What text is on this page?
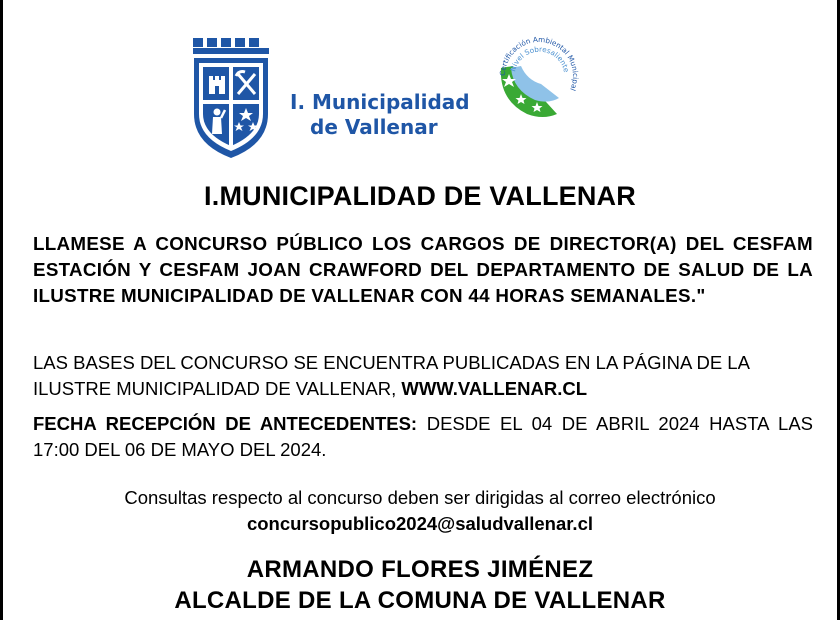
I. Municipalidad
de Vallenar
Certificación Ambiental Municipal
Nivel Sobresaliente
I.MUNICIPALIDAD DE VALLENAR

LLAMESE A CONCURSO PÚBLICO LOS CARGOS DE DIRECTOR(A) DEL CESFAM ESTACIÓN Y CESFAM JOAN CRAWFORD DEL DEPARTAMENTO DE SALUD DE LA ILUSTRE MUNICIPALIDAD DE VALLENAR CON 44 HORAS SEMANALES."

LAS BASES DEL CONCURSO SE ENCUENTRA PUBLICADAS EN LA PÁGINA DE LA ILUSTRE MUNICIPALIDAD DE VALLENAR, WWW.VALLENAR.CL

FECHA RECEPCIÓN DE ANTECEDENTES: DESDE EL 04 DE ABRIL 2024 HASTA LAS 17:00 DEL 06 DE MAYO DEL 2024.

Consultas respecto al concurso deben ser dirigidas al correo electrónico
concursopublico2024@saludvallenar.cl
ARMANDO FLORES JIMÉNEZ
ALCALDE DE LA COMUNA DE VALLENAR
